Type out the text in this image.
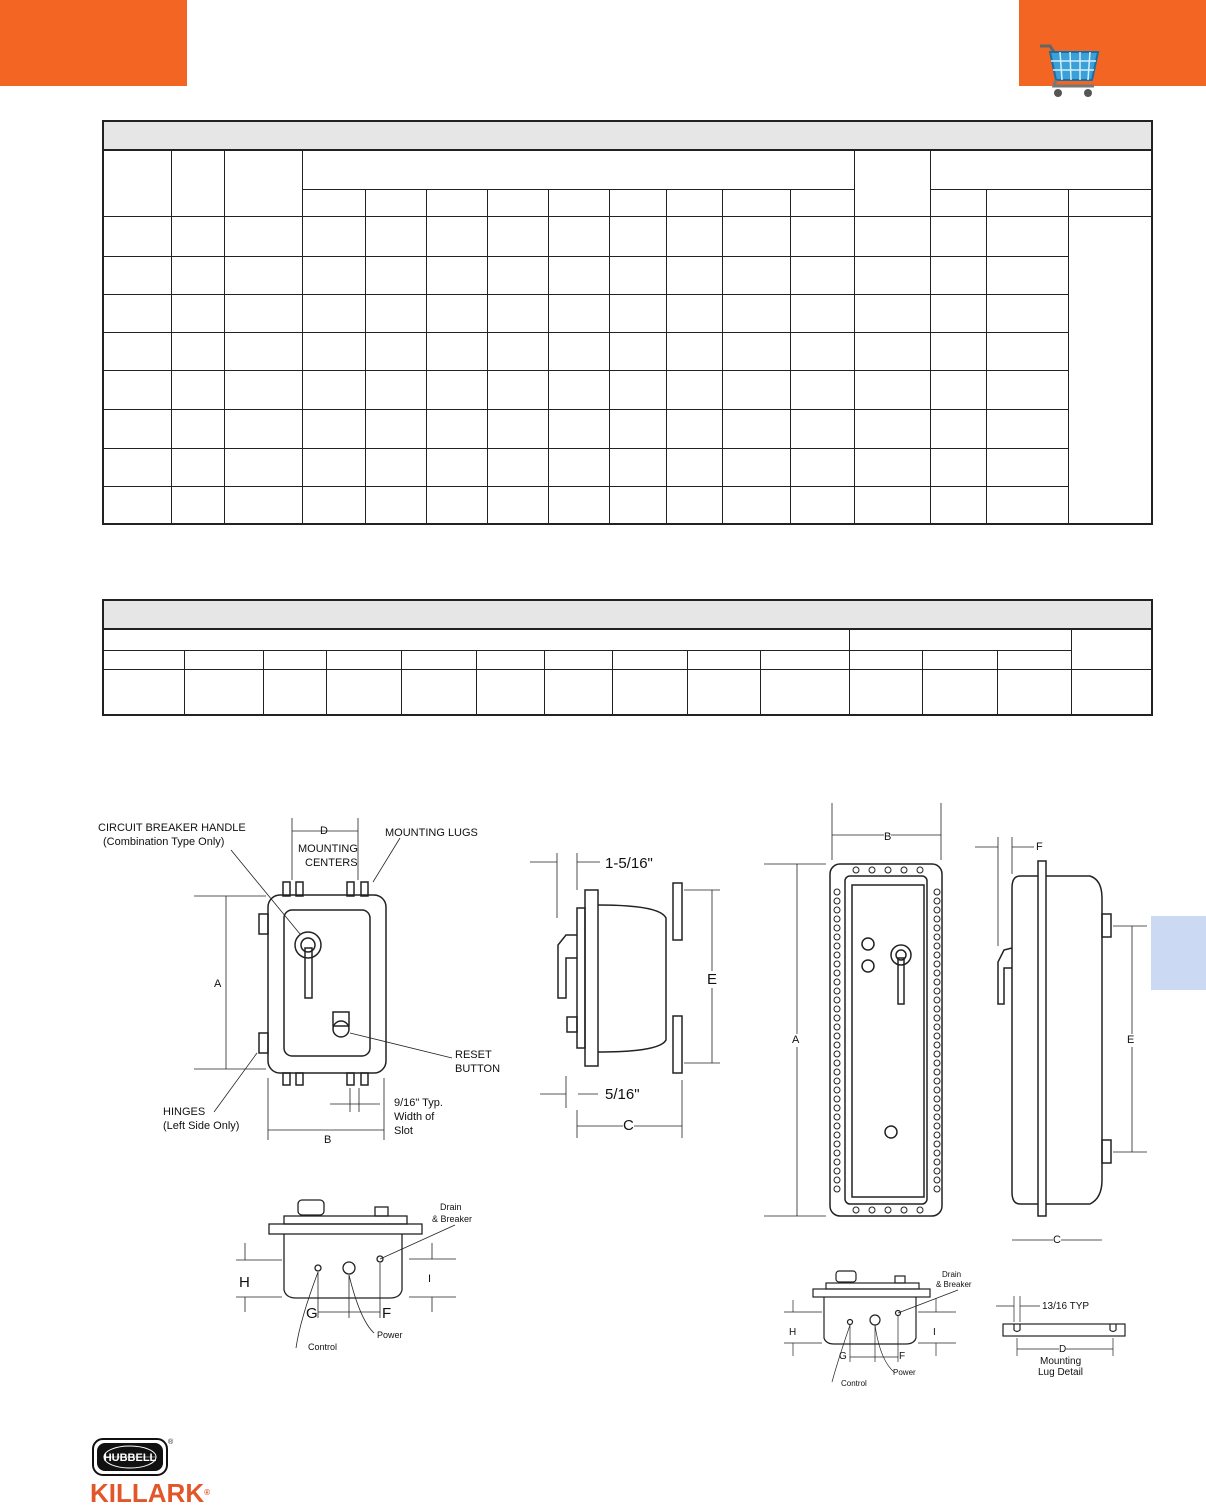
CIRCUIT BREAKER HANDLE
(Combination Type Only)
D
MOUNTING
CENTERS
MOUNTING LUGS
A
B
RESET
BUTTON
HINGES
(Left Side Only)
9/16" Typ.
Width of
Slot
1-5/16"
5/16"
E
C
Drain
& Breaker
H	I
G	F
Control
Power
B
A
F
E
C
Drain
& Breaker
H	I
G	F
Control
Power
13/16 TYP
D
Mounting
Lug Detail
HUBBELL
®
KILLARK®
